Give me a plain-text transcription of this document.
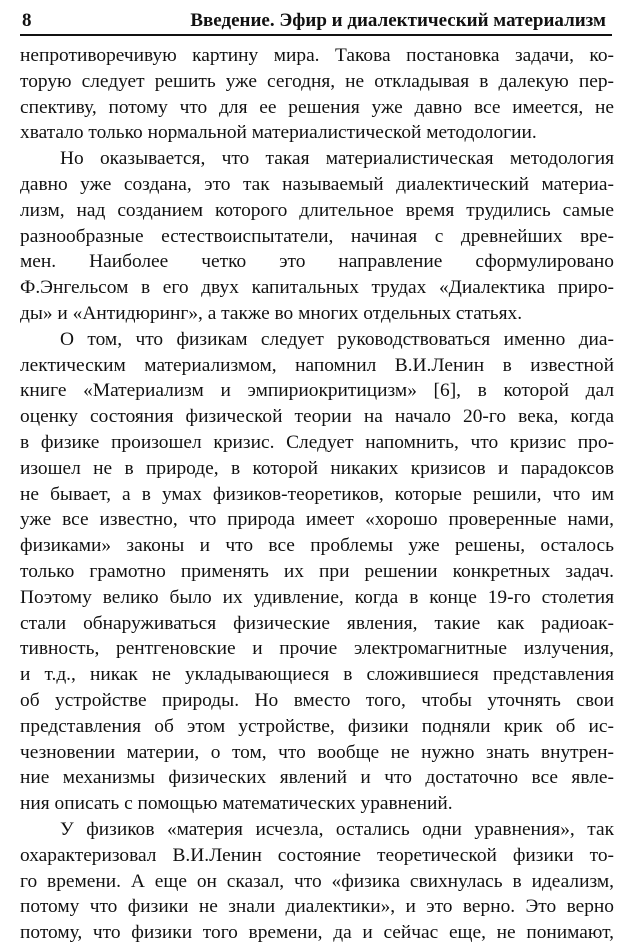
8	Введение. Эфир и диалектический материализм
непротиворечивую картину мира. Такова постановка задачи, ко-
торую следует решить уже сегодня, не откладывая в далекую пер-
спективу, потому что для ее решения уже давно все имеется, не
хватало только нормальной материалистической методологии.
Но оказывается, что такая материалистическая методология
давно уже создана, это так называемый диалектический материа-
лизм, над созданием которого длительное время трудились самые
разнообразные естествоиспытатели, начиная с древнейших вре-
мен. Наиболее четко это направление сформулировано
Ф.Энгельсом в его двух капитальных трудах «Диалектика приро-
ды» и «Антидюринг», а также во многих отдельных статьях.
О том, что физикам следует руководствоваться именно диа-
лектическим материализмом, напомнил В.И.Ленин в известной
книге «Материализм и эмпириокритицизм» [6], в которой дал
оценку состояния физической теории на начало 20-го века, когда
в физике произошел кризис. Следует напомнить, что кризис про-
изошел не в природе, в которой никаких кризисов и парадоксов
не бывает, а в умах физиков-теоретиков, которые решили, что им
уже все известно, что природа имеет «хорошо проверенные нами,
физиками» законы и что все проблемы уже решены, осталось
только грамотно применять их при решении конкретных задач.
Поэтому велико было их удивление, когда в конце 19-го столетия
стали обнаруживаться физические явления, такие как радиоак-
тивность, рентгеновские и прочие электромагнитные излучения,
и т.д., никак не укладывающиеся в сложившиеся представления
об устройстве природы. Но вместо того, чтобы уточнять свои
представления об этом устройстве, физики подняли крик об ис-
чезновении материи, о том, что вообще не нужно знать внутрен-
ние механизмы физических явлений и что достаточно все явле-
ния описать с помощью математических уравнений.
У физиков «материя исчезла, остались одни уравнения», так
охарактеризовал В.И.Ленин состояние теоретической физики то-
го времени. А еще он сказал, что «физика свихнулась в идеализм,
потому что физики не знали диалектики», и это верно. Это верно
потому, что физики того времени, да и сейчас еще, не понимают,
